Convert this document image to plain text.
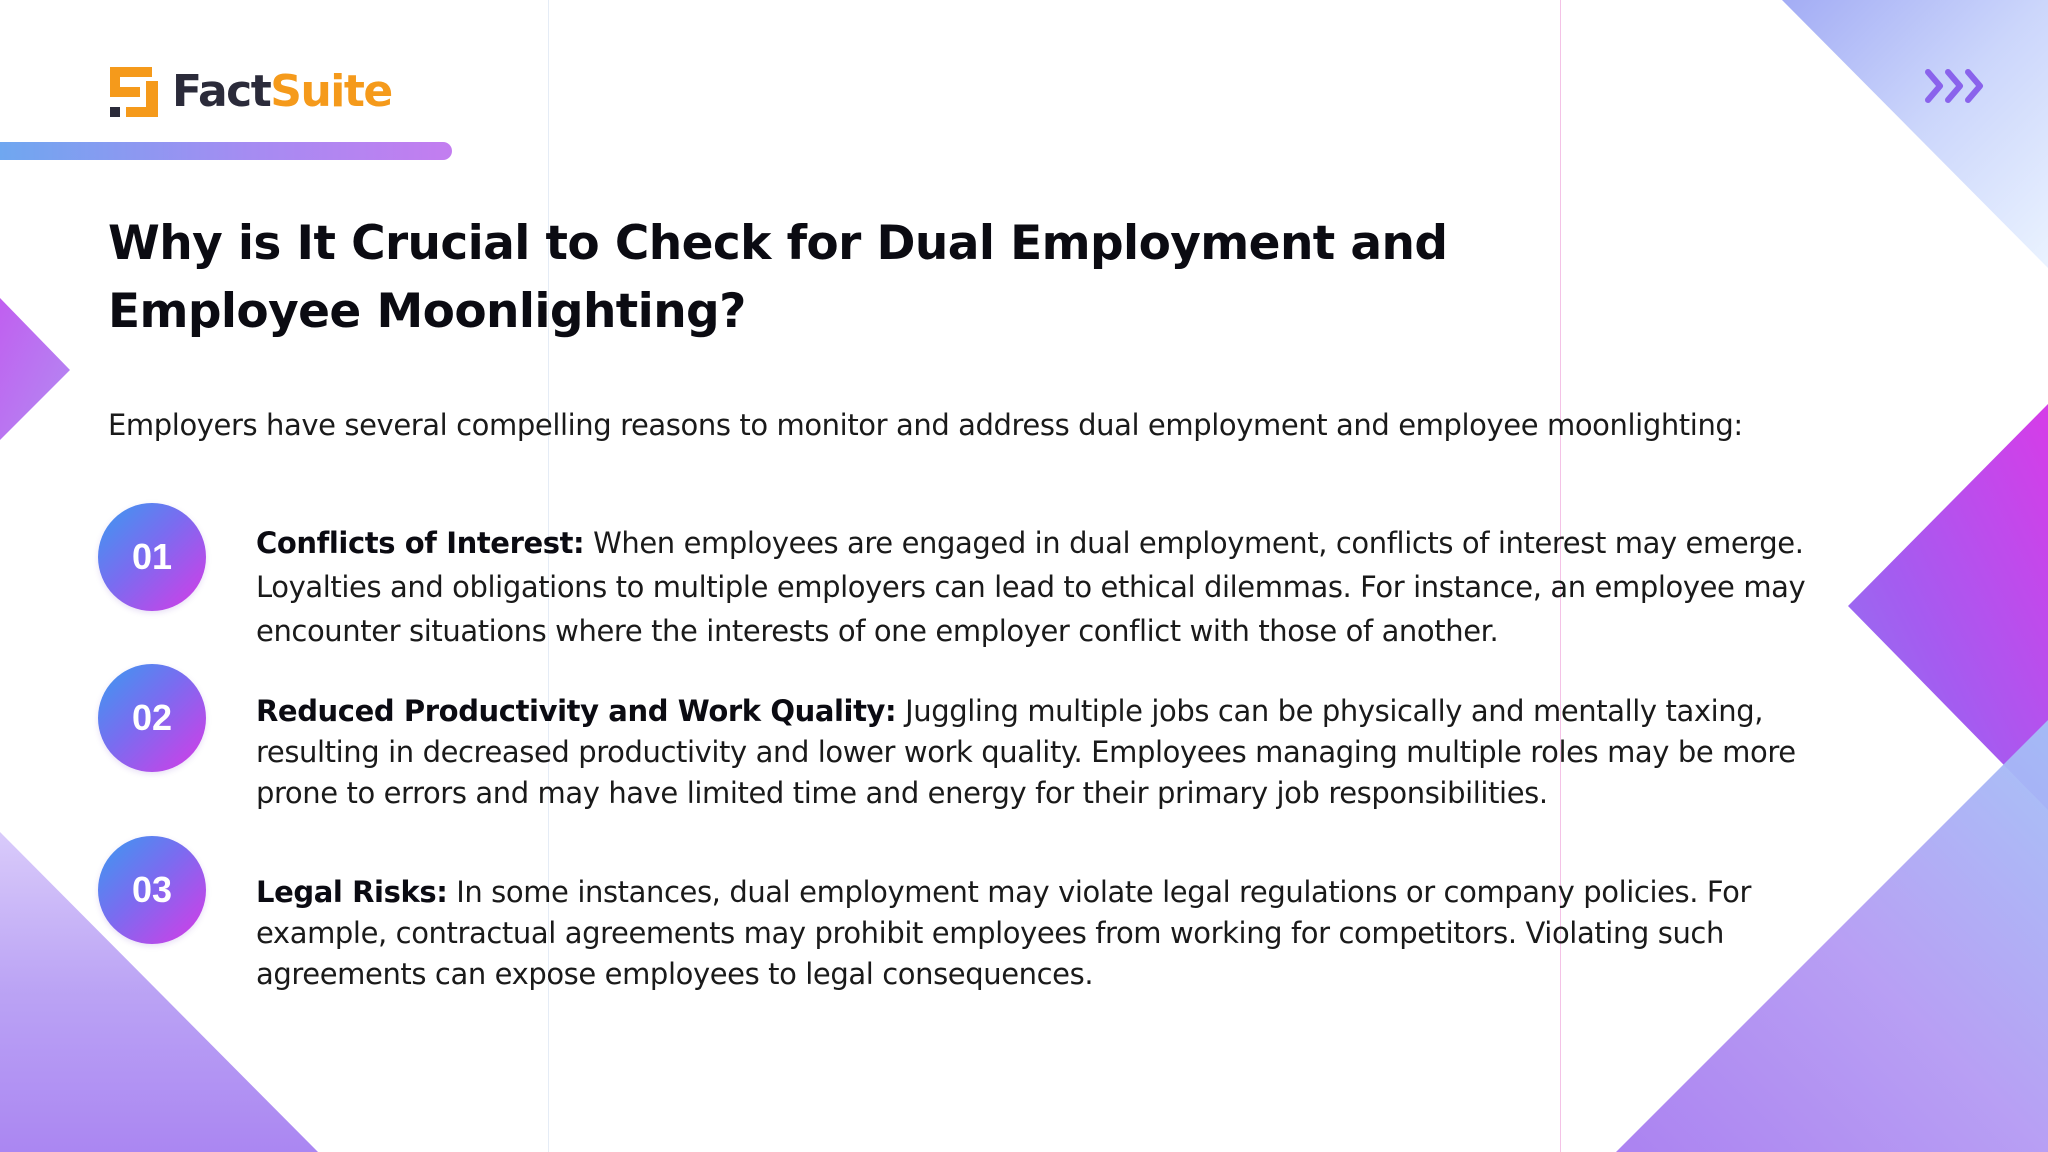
FactSuite
Why is It Crucial to Check for Dual Employment and Employee Moonlighting?

Employers have several compelling reasons to monitor and address dual employment and employee moonlighting:

01	Conflicts of Interest: When employees are engaged in dual employment, conflicts of interest may emerge. Loyalties and obligations to multiple employers can lead to ethical dilemmas. For instance, an employee may encounter situations where the interests of one employer conflict with those of another.

02	Reduced Productivity and Work Quality: Juggling multiple jobs can be physically and mentally taxing, resulting in decreased productivity and lower work quality. Employees managing multiple roles may be more prone to errors and may have limited time and energy for their primary job responsibilities.

03	Legal Risks: In some instances, dual employment may violate legal regulations or company policies. For example, contractual agreements may prohibit employees from working for competitors. Violating such agreements can expose employees to legal consequences.
